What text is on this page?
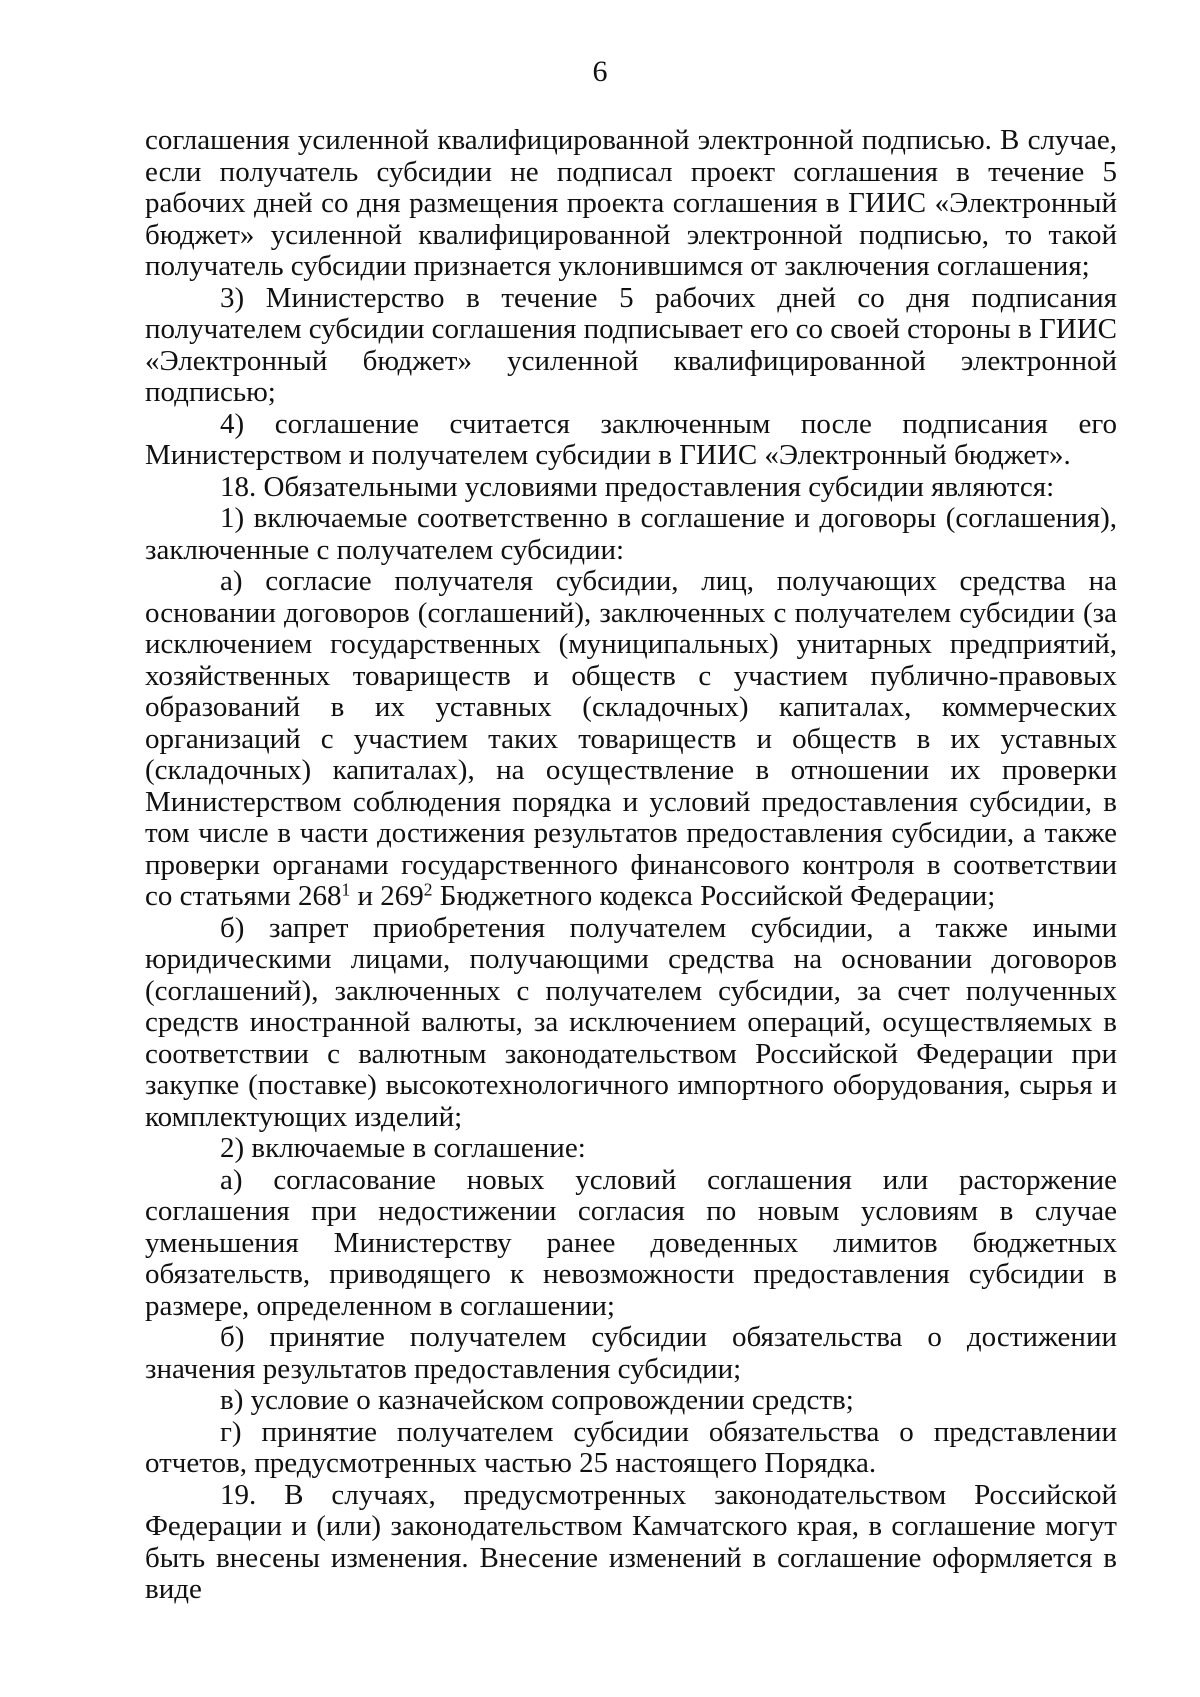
6

соглашения усиленной квалифицированной электронной подписью. В случае, если получатель субсидии не подписал проект соглашения в течение 5 рабочих дней со дня размещения проекта соглашения в ГИИС «Электронный бюджет» усиленной квалифицированной электронной подписью, то такой получатель субсидии признается уклонившимся от заключения соглашения;

3) Министерство в течение 5 рабочих дней со дня подписания получателем субсидии соглашения подписывает его со своей стороны в ГИИС «Электронный бюджет» усиленной квалифицированной электронной подписью;

4) соглашение считается заключенным после подписания его Министерством и получателем субсидии в ГИИС «Электронный бюджет».

18. Обязательными условиями предоставления субсидии являются:

1) включаемые соответственно в соглашение и договоры (соглашения), заключенные с получателем субсидии:

а) согласие получателя субсидии, лиц, получающих средства на основании договоров (соглашений), заключенных с получателем субсидии (за исключением государственных (муниципальных) унитарных предприятий, хозяйственных товариществ и обществ с участием публично-правовых образований в их уставных (складочных) капиталах, коммерческих организаций с участием таких товариществ и обществ в их уставных (складочных) капиталах), на осуществление в отношении их проверки Министерством соблюдения порядка и условий предоставления субсидии, в том числе в части достижения результатов предоставления субсидии, а также проверки органами государственного финансового контроля в соответствии со статьями $268^1$ и $269^2$ Бюджетного кодекса Российской Федерации;

б) запрет приобретения получателем субсидии, а также иными юридическими лицами, получающими средства на основании договоров (соглашений), заключенных с получателем субсидии, за счет полученных средств иностранной валюты, за исключением операций, осуществляемых в соответствии с валютным законодательством Российской Федерации при закупке (поставке) высокотехнологичного импортного оборудования, сырья и комплектующих изделий;

2) включаемые в соглашение:

а) согласование новых условий соглашения или расторжение соглашения при недостижении согласия по новым условиям в случае уменьшения Министерству ранее доведенных лимитов бюджетных обязательств, приводящего к невозможности предоставления субсидии в размере, определенном в соглашении;

б) принятие получателем субсидии обязательства о достижении значения результатов предоставления субсидии;

в) условие о казначейском сопровождении средств;

г) принятие получателем субсидии обязательства о представлении отчетов, предусмотренных частью 25 настоящего Порядка.

19. В случаях, предусмотренных законодательством Российской Федерации и (или) законодательством Камчатского края, в соглашение могут быть внесены изменения. Внесение изменений в соглашение оформляется в виде
